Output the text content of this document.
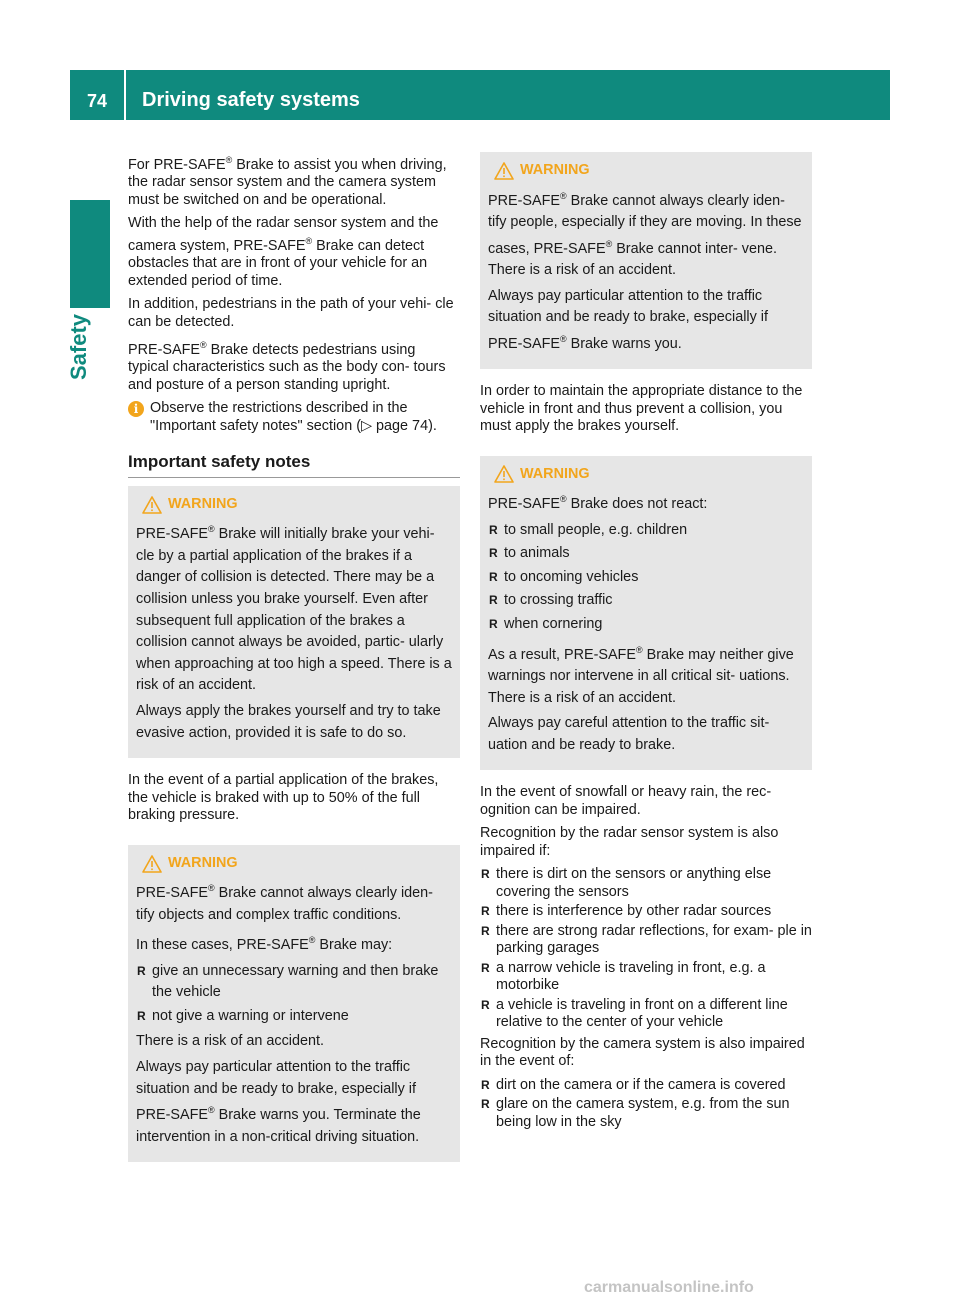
74	Driving safety systems
Safety

For PRE-SAFE® Brake to assist you when driving, the radar sensor system and the camera system must be switched on and be operational.

With the help of the radar sensor system and the camera system, PRE-SAFE® Brake can detect obstacles that are in front of your vehicle for an extended period of time.

In addition, pedestrians in the path of your vehi- cle can be detected.

PRE-SAFE® Brake detects pedestrians using typical characteristics such as the body con- tours and posture of a person standing upright.

i Observe the restrictions described in the "Important safety notes" section (▷ page 74).
Important safety notes
WARNING

PRE-SAFE® Brake will initially brake your vehi- cle by a partial application of the brakes if a danger of collision is detected. There may be a collision unless you brake yourself. Even after subsequent full application of the brakes a collision cannot always be avoided, partic- ularly when approaching at too high a speed. There is a risk of an accident.

Always apply the brakes yourself and try to take evasive action, provided it is safe to do so.

In the event of a partial application of the brakes, the vehicle is braked with up to 50% of the full braking pressure.

WARNING

PRE-SAFE® Brake cannot always clearly iden- tify objects and complex traffic conditions.

In these cases, PRE-SAFE® Brake may:

R give an unnecessary warning and then brake the vehicle
R not give a warning or intervene

There is a risk of an accident.

Always pay particular attention to the traffic situation and be ready to brake, especially if PRE-SAFE® Brake warns you. Terminate the intervention in a non-critical driving situation.

WARNING

PRE-SAFE® Brake cannot always clearly iden- tify people, especially if they are moving. In these cases, PRE-SAFE® Brake cannot inter- vene. There is a risk of an accident.

Always pay particular attention to the traffic situation and be ready to brake, especially if PRE-SAFE® Brake warns you.

In order to maintain the appropriate distance to the vehicle in front and thus prevent a collision, you must apply the brakes yourself.

WARNING

PRE-SAFE® Brake does not react:

R to small people, e.g. children
R to animals
R to oncoming vehicles
R to crossing traffic
R when cornering

As a result, PRE-SAFE® Brake may neither give warnings nor intervene in all critical sit- uations. There is a risk of an accident.

Always pay careful attention to the traffic sit- uation and be ready to brake.

In the event of snowfall or heavy rain, the rec- ognition can be impaired.

Recognition by the radar sensor system is also impaired if:

R there is dirt on the sensors or anything else covering the sensors
R there is interference by other radar sources
R there are strong radar reflections, for exam- ple in parking garages
R a narrow vehicle is traveling in front, e.g. a motorbike
R a vehicle is traveling in front on a different line relative to the center of your vehicle

Recognition by the camera system is also impaired in the event of:

R dirt on the camera or if the camera is covered
R glare on the camera system, e.g. from the sun being low in the sky
carmanualsonline.info
